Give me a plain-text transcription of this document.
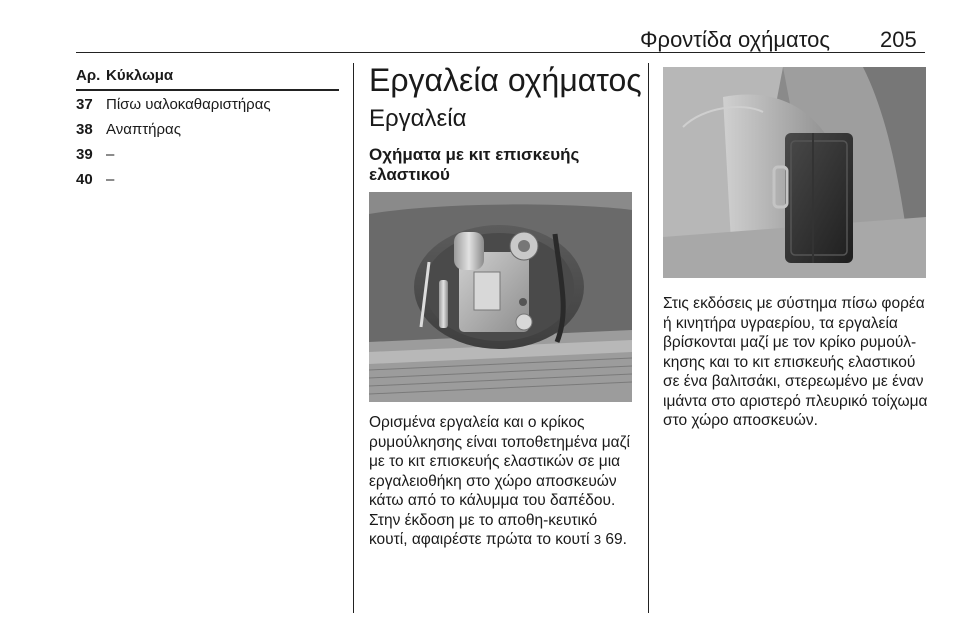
Φροντίδα οχήματος 205
Αρ. Κύκλωμα
37 Πίσω υαλοκαθαριστήρας
38 Αναπτήρας
39 –
40 –
Εργαλεία οχήματος
Εργαλεία
Οχήματα με κιτ επισκευής ελαστικού
Ορισμένα εργαλεία και ο κρίκος ρυμούλκησης είναι τοποθετημένα μαζί με το κιτ επισκευής ελαστικών σε μια εργαλειοθήκη στο χώρο αποσκευών κάτω από το κάλυμμα του δαπέδου. Στην έκδοση με το αποθη-κευτικό κουτί, αφαιρέστε πρώτα το κουτί 3 69.
Στις εκδόσεις με σύστημα πίσω φορέα ή κινητήρα υγραερίου, τα εργαλεία βρίσκονται μαζί με τον κρίκο ρυμούλ-κησης και το κιτ επισκευής ελαστικού σε ένα βαλιτσάκι, στερεωμένο με έναν ιμάντα στο αριστερό πλευρικό τοίχωμα στο χώρο αποσκευών.
